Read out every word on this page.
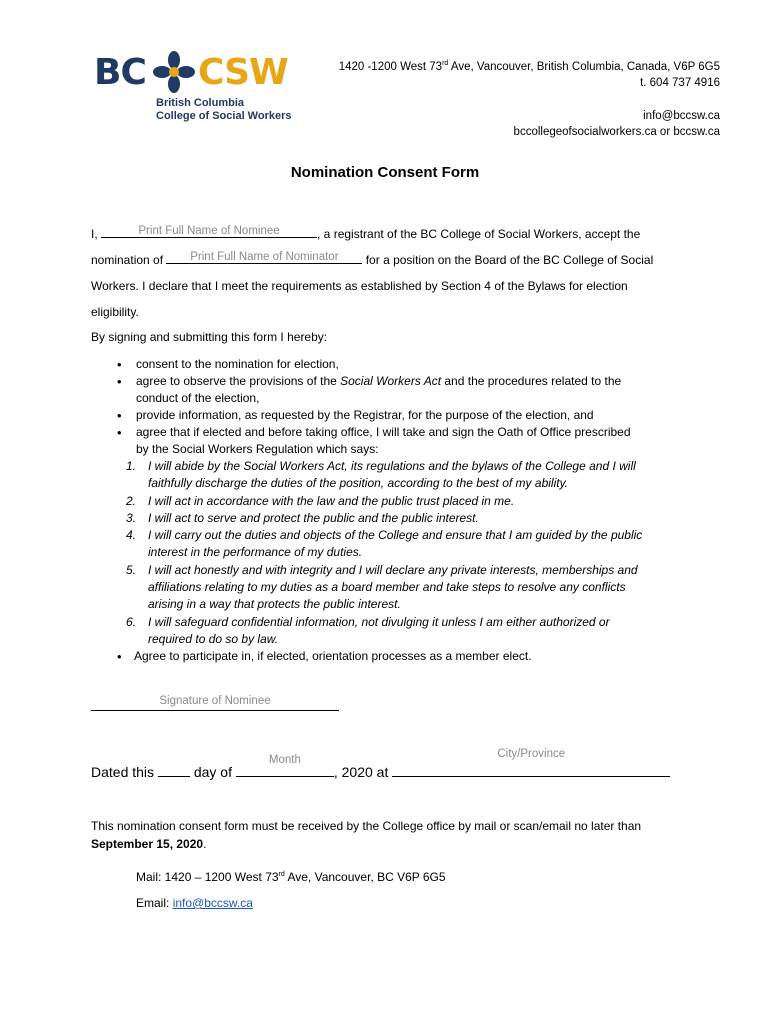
BC CSW
British Columbia
College of Social Workers
1420 -1200 West 73rd Ave, Vancouver, British Columbia, Canada, V6P 6G5
t. 604 737 4916
info@bccsw.ca
bccollegeofsocialworkers.ca or bccsw.ca
Nomination Consent Form
I,	Print Full Name of Nominee	, a registrant of the BC College of Social Workers, accept the
nomination of	Print Full Name of Nominator	for a position on the Board of the BC College of Social
Workers. I declare that I meet the requirements as established by Section 4 of the Bylaws for election
eligibility.
By signing and submitting this form I hereby:
• consent to the nomination for election,
• agree to observe the provisions of the Social Workers Act and the procedures related to the
conduct of the election,
• provide information, as requested by the Registrar, for the purpose of the election, and
• agree that if elected and before taking office, I will take and sign the Oath of Office prescribed
by the Social Workers Regulation which says:
1. I will abide by the Social Workers Act, its regulations and the bylaws of the College and I will
faithfully discharge the duties of the position, according to the best of my ability.
2. I will act in accordance with the law and the public trust placed in me.
3. I will act to serve and protect the public and the public interest.
4. I will carry out the duties and objects of the College and ensure that I am guided by the public
interest in the performance of my duties.
5. I will act honestly and with integrity and I will declare any private interests, memberships and
affiliations relating to my duties as a board member and take steps to resolve any conflicts
arising in a way that protects the public interest.
6. I will safeguard confidential information, not divulging it unless I am either authorized or
required to do so by law.
• Agree to participate in, if elected, orientation processes as a member elect.
Signature of Nominee
Dated this  day of
Month
, 2020 at
City/Province
This nomination consent form must be received by the College office by mail or scan/email no later than
September 15, 2020.
Mail: 1420 – 1200 West 73rd Ave, Vancouver, BC V6P 6G5
Email: info@bccsw.ca
